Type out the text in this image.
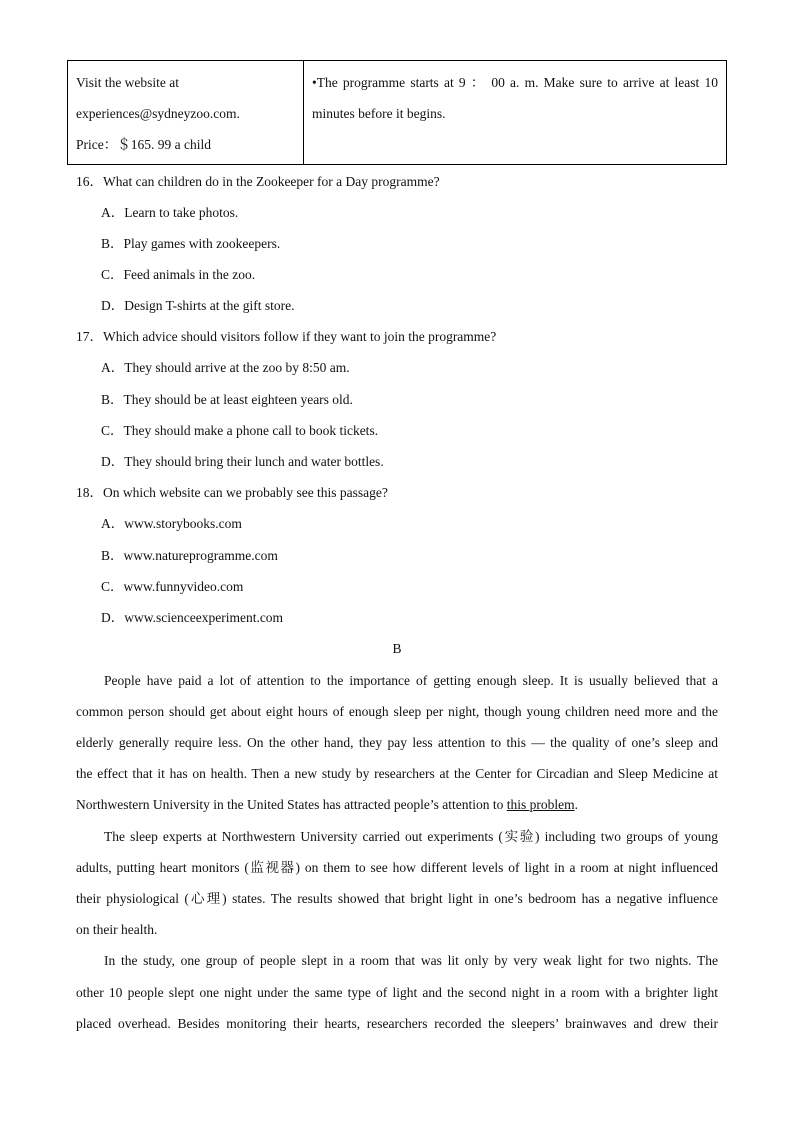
Visit the website at
experiences@sydneyzoo.com.
Price：＄165. 99 a child
•The programme starts at 9 ： 00 a. m. Make sure to arrive at least 10
minutes before it begins.
16．What can children do in the Zookeeper for a Day programme?
A．Learn to take photos.
B．Play games with zookeepers.
C．Feed animals in the zoo.
D．Design T-shirts at the gift store.
17．Which advice should visitors follow if they want to join the programme?
A．They should arrive at the zoo by 8:50 am.
B．They should be at least eighteen years old.
C．They should make a phone call to book tickets.
D．They should bring their lunch and water bottles.
18．On which website can we probably see this passage?
A．www.storybooks.com
B．www.natureprogramme.com
C．www.funnyvideo.com
D．www.scienceexperiment.com
B
People have paid a lot of attention to the importance of getting enough sleep. It is usually believed that a
common person should get about eight hours of enough sleep per night, though young children need more and the
elderly generally require less. On the other hand, they pay less attention to this — the quality of one’s sleep and
the effect that it has on health. Then a new study by researchers at the Center for Circadian and Sleep Medicine at
Northwestern University in the United States has attracted people’s attention to this problem.
The sleep experts at Northwestern University carried out experiments (实验) including two groups of young
adults, putting heart monitors (监视器) on them to see how different levels of light in a room at night influenced
their physiological (心理) states. The results showed that bright light in one’s bedroom has a negative influence
on their health.
In the study, one group of people slept in a room that was lit only by very weak light for two nights. The
other 10 people slept one night under the same type of light and the second night in a room with a brighter light
placed overhead. Besides monitoring their hearts, researchers recorded the sleepers’ brainwaves and drew their
